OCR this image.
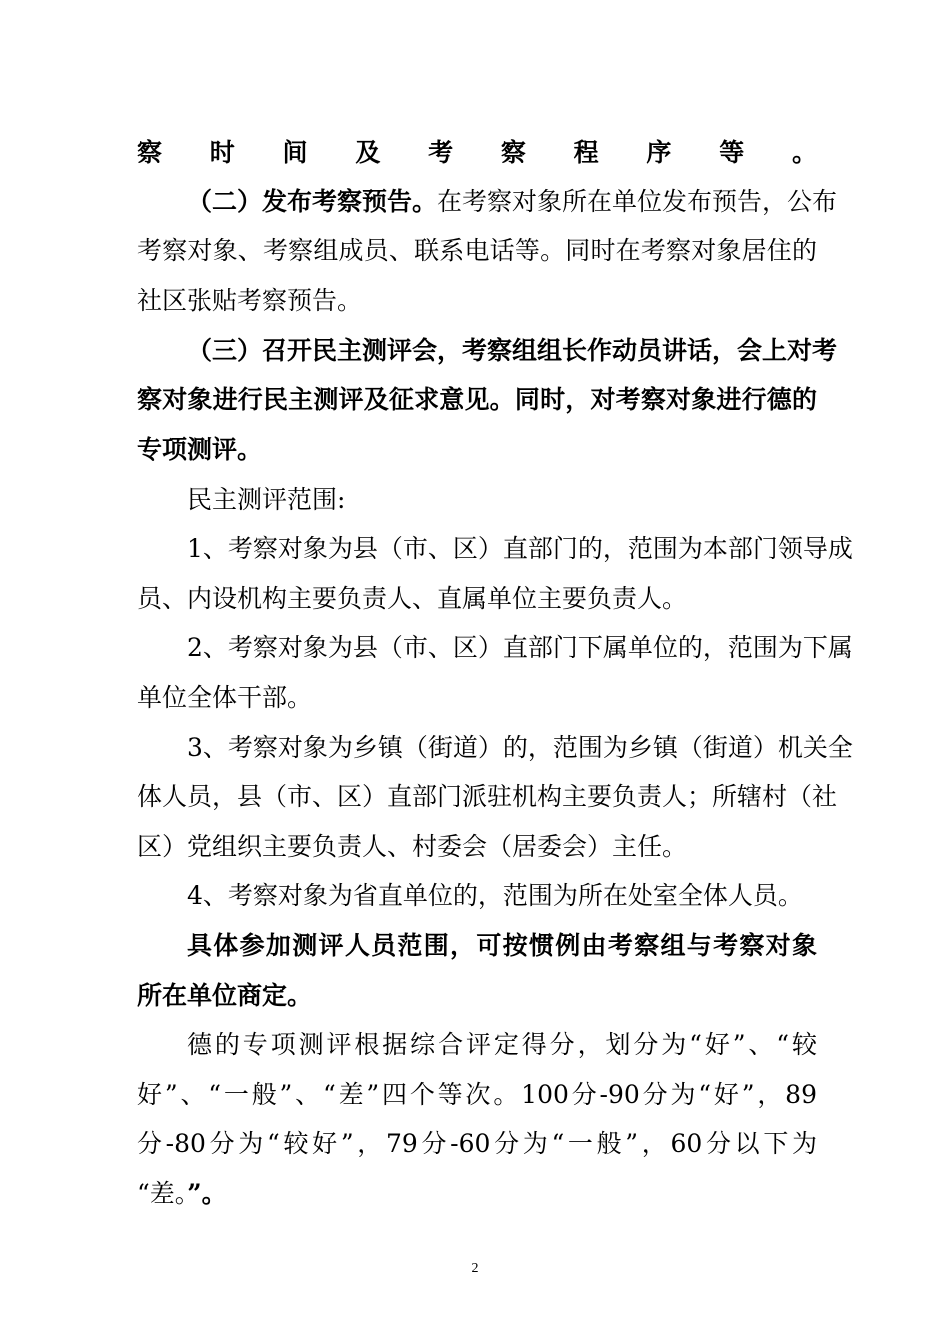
察时间及考察程序等。
（二）发布考察预告。在考察对象所在单位发布预告，公布
考察对象、考察组成员、联系电话等。同时在考察对象居住的
社区张贴考察预告。
（三）召开民主测评会，考察组组长作动员讲话，会上对考
察对象进行民主测评及征求意见。同时，对考察对象进行德的
专项测评。
民主测评范围:
1、考察对象为县（市、区）直部门的，范围为本部门领导成
员、内设机构主要负责人、直属单位主要负责人。
2、考察对象为县（市、区）直部门下属单位的，范围为下属
单位全体干部。
3、考察对象为乡镇（街道）的，范围为乡镇（街道）机关全
体人员，县（市、区）直部门派驻机构主要负责人；所辖村（社
区）党组织主要负责人、村委会（居委会）主任。
4、考察对象为省直单位的，范围为所在处室全体人员。
具体参加测评人员范围，可按惯例由考察组与考察对象
所在单位商定。
德的专项测评根据综合评定得分，划分为“好”、“较
好”、“一般”、“差”四个等次。100分-90分为“好”，89
分-80分为“较好”，79分-60分为“一般”，60分以下为
“差。”。
2
